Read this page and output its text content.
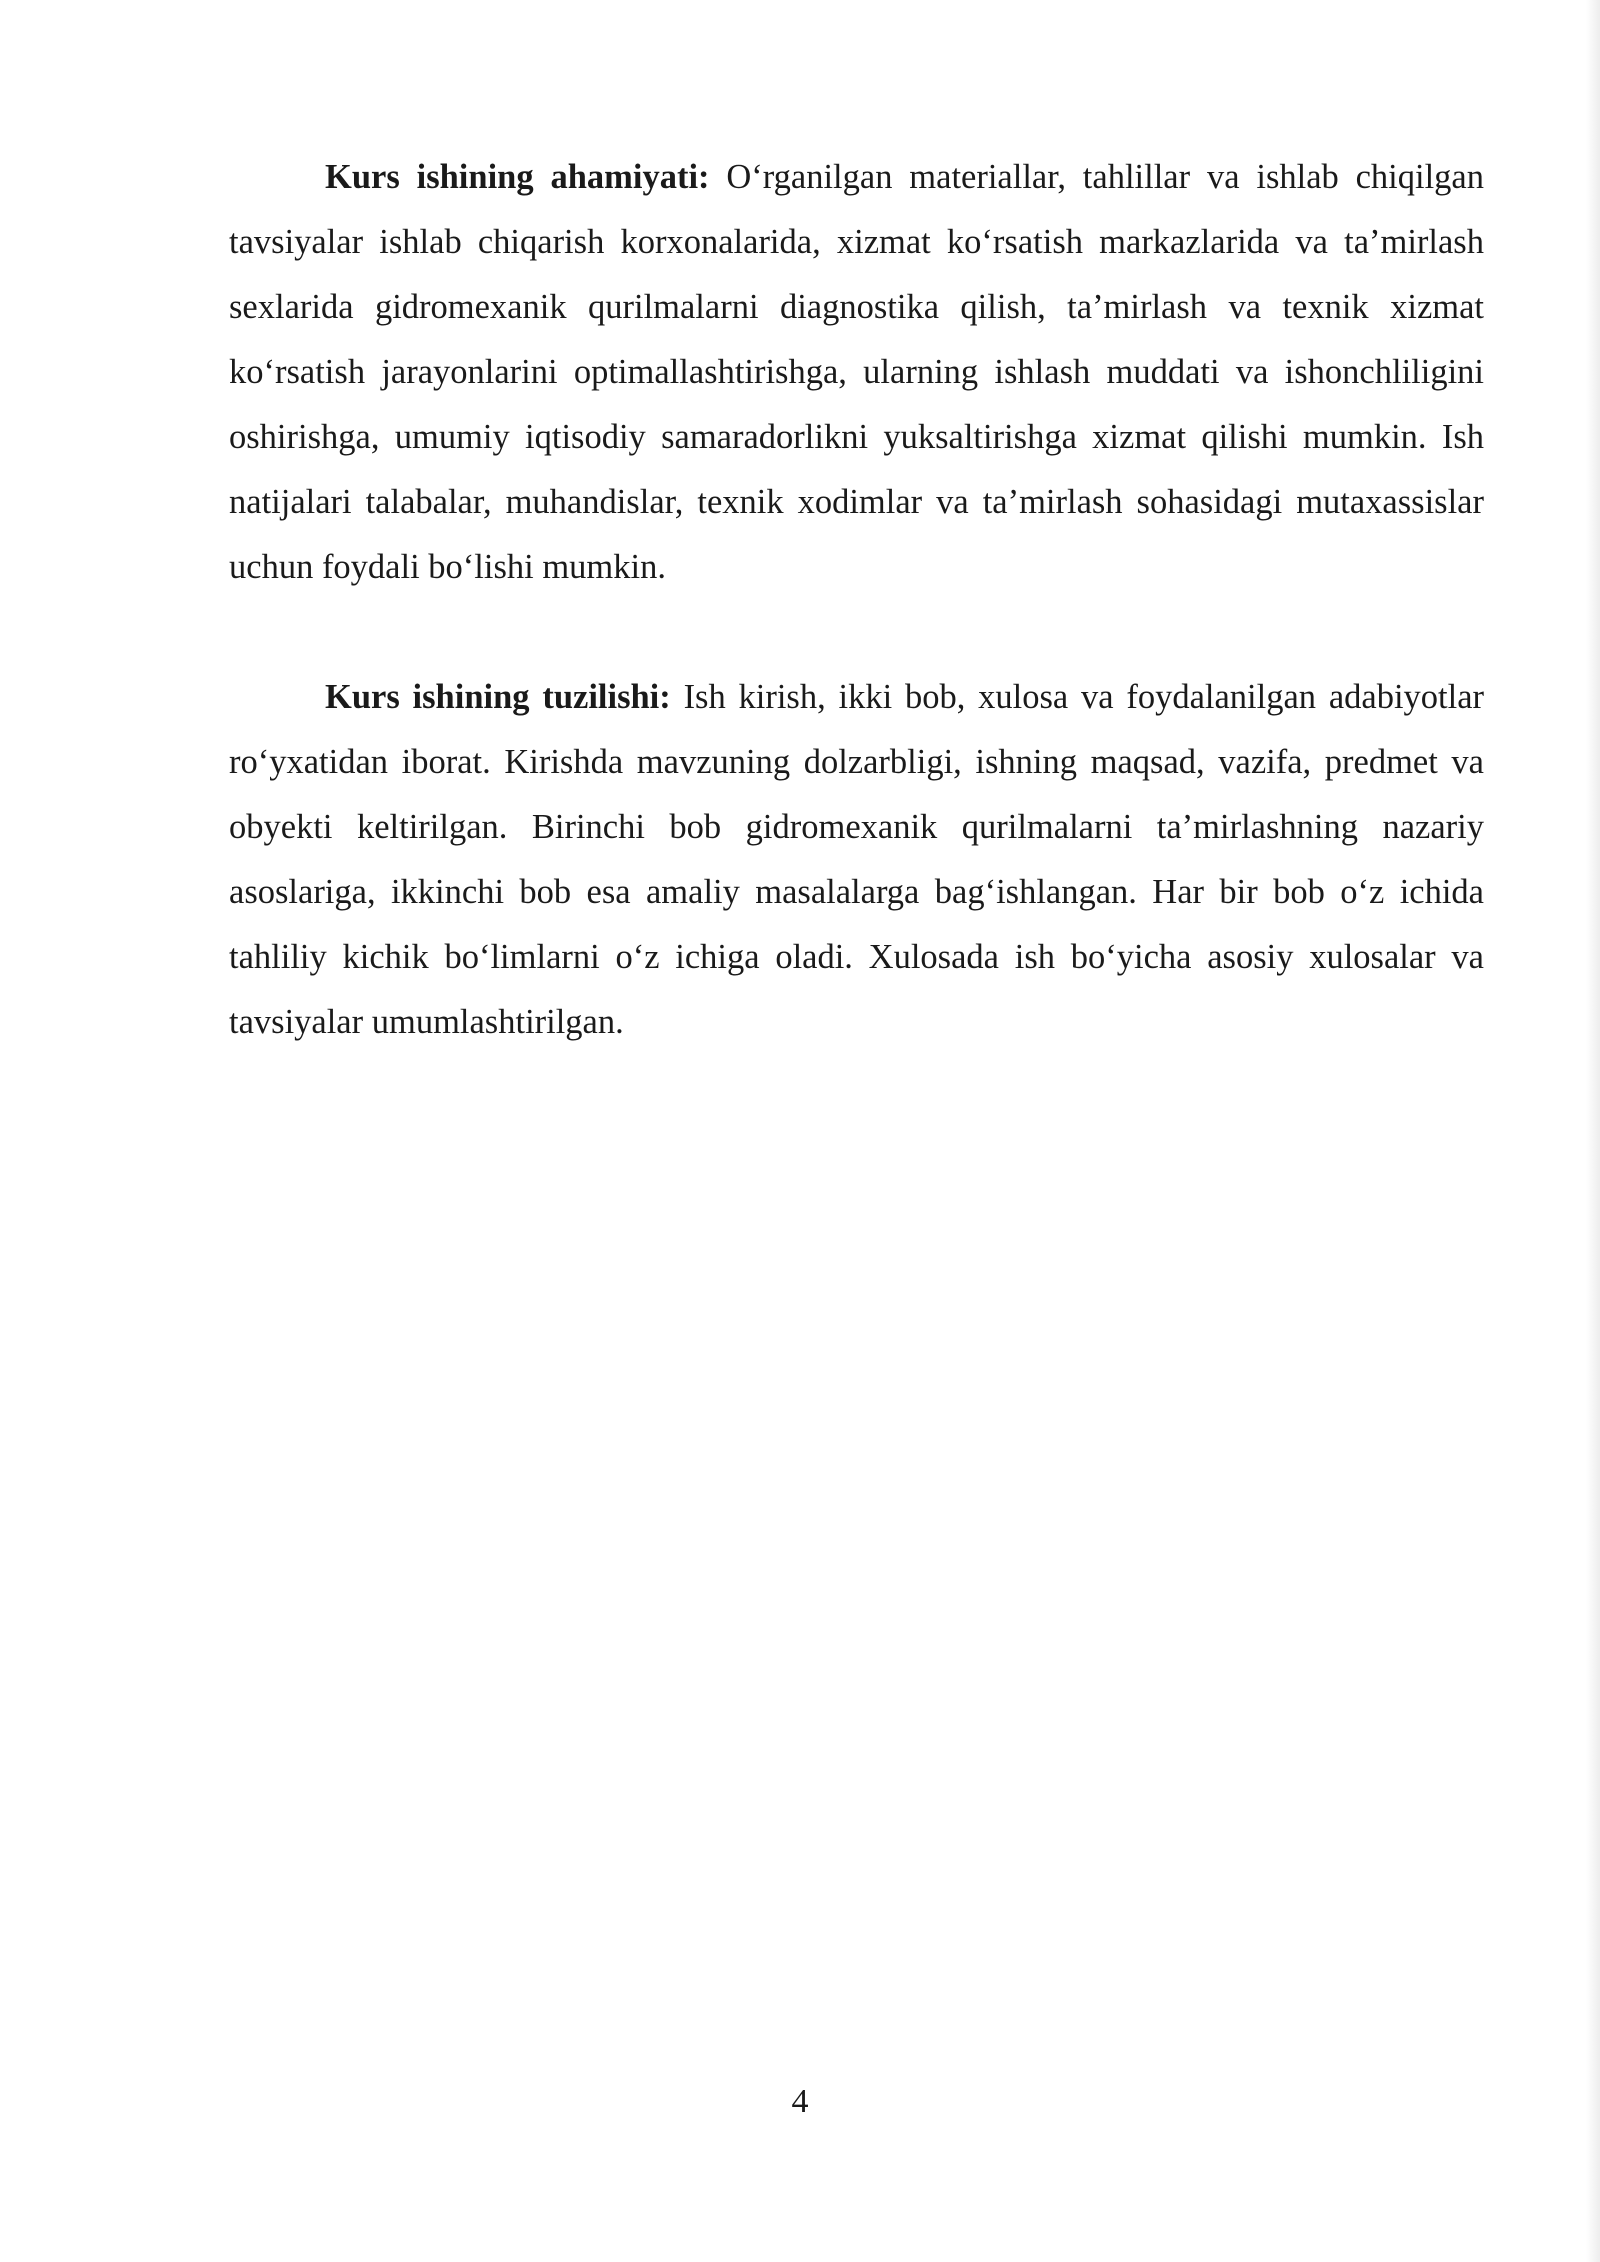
Kurs ishining ahamiyati: O‘rganilgan materiallar, tahlillar va ishlab chiqilgan tavsiyalar ishlab chiqarish korxonalarida, xizmat ko‘rsatish markazlarida va ta’mirlash sexlarida gidromexanik qurilmalarni diagnostika qilish, ta’mirlash va texnik xizmat ko‘rsatish jarayonlarini optimallashtirishga, ularning ishlash muddati va ishonchliligini oshirishga, umumiy iqtisodiy samaradorlikni yuksaltirishga xizmat qilishi mumkin. Ish natijalari talabalar, muhandislar, texnik xodimlar va ta’mirlash sohasidagi mutaxassislar uchun foydali bo‘lishi mumkin.

Kurs ishining tuzilishi: Ish kirish, ikki bob, xulosa va foydalanilgan adabiyotlar ro‘yxatidan iborat. Kirishda mavzuning dolzarbligi, ishning maqsad, vazifa, predmet va obyekti keltirilgan. Birinchi bob gidromexanik qurilmalarni ta’mirlashning nazariy asoslariga, ikkinchi bob esa amaliy masalalarga bag‘ishlangan. Har bir bob o‘z ichida tahliliy kichik bo‘limlarni o‘z ichiga oladi. Xulosada ish bo‘yicha asosiy xulosalar va tavsiyalar umumlashtirilgan.

4
